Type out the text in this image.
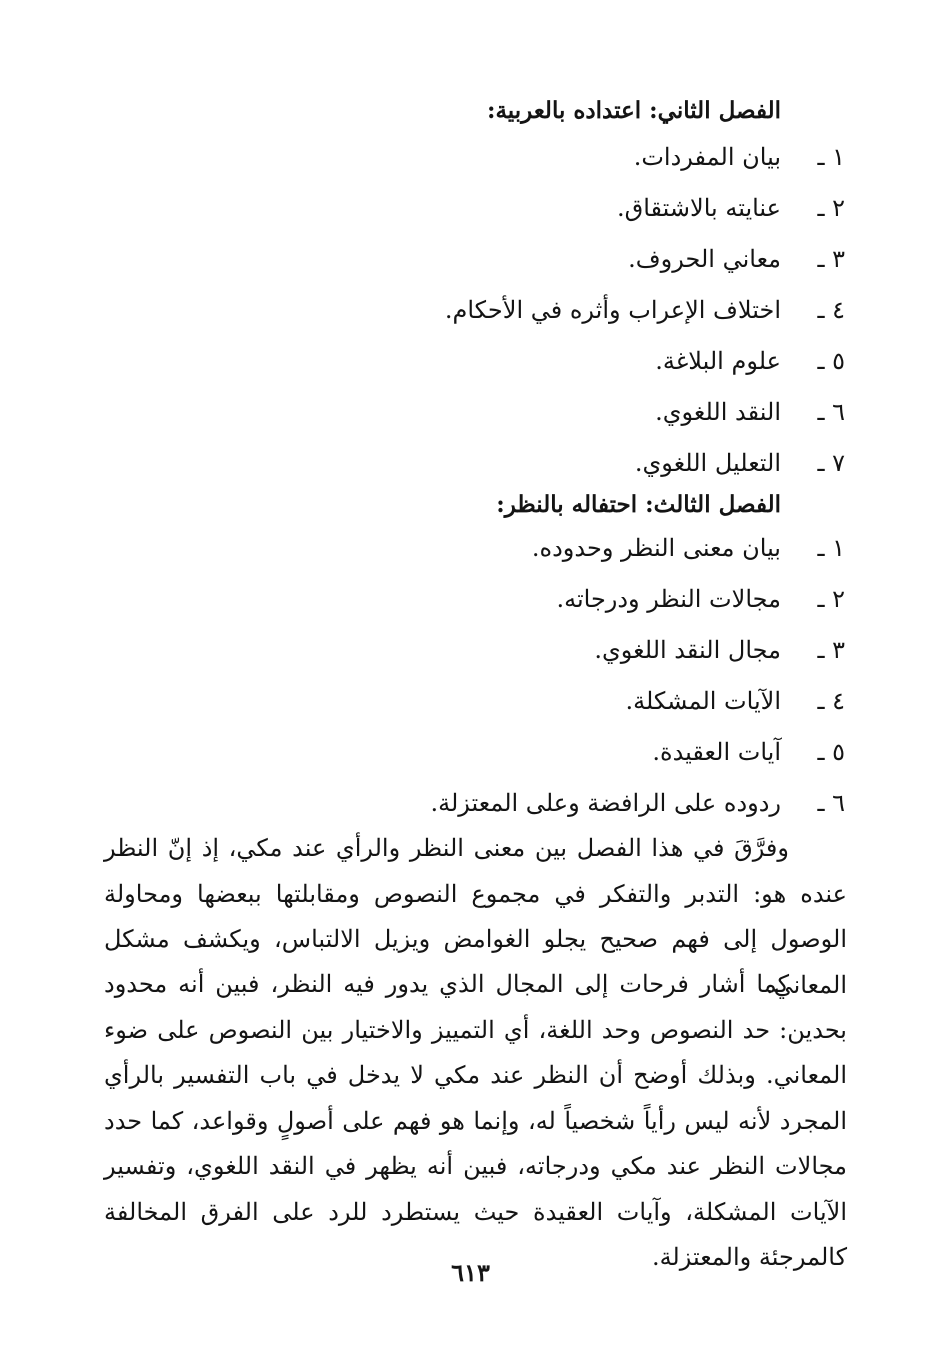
الفصل الثاني: اعتداده بالعربية:
١ ـبيان المفردات.
٢ ـعنايته بالاشتقاق.
٣ ـمعاني الحروف.
٤ ـاختلاف الإعراب وأثره في الأحكام.
٥ ـعلوم البلاغة.
٦ ـالنقد اللغوي.
٧ ـالتعليل اللغوي.
الفصل الثالث: احتفاله بالنظر:
١ ـبيان معنى النظر وحدوده.
٢ ـمجالات النظر ودرجاته.
٣ ـمجال النقد اللغوي.
٤ ـالآيات المشكلة.
٥ ـآيات العقيدة.
٦ ـردوده على الرافضة وعلى المعتزلة.

وفرَّقَ في هذا الفصل بين معنى النظر والرأي عند مكي، إذ إنّ النظر عنده هو: التدبر والتفكر في مجموع النصوص ومقابلتها ببعضها ومحاولة الوصول إلى فهم صحيح يجلو الغوامض ويزيل الالتباس، ويكشف مشكل المعاني.

كما أشار فرحات إلى المجال الذي يدور فيه النظر، فبين أنه محدود بحدين: حد النصوص وحد اللغة، أي التمييز والاختيار بين النصوص على ضوء المعاني. وبذلك أوضح أن النظر عند مكي لا يدخل في باب التفسير بالرأي المجرد لأنه ليس رأياً شخصياً له، وإنما هو فهم على أصولٍ وقواعد، كما حدد مجالات النظر عند مكي ودرجاته، فبين أنه يظهر في النقد اللغوي، وتفسير الآيات المشكلة، وآيات العقيدة حيث يستطرد للرد على الفرق المخالفة كالمرجئة والمعتزلة.

٦١٣
